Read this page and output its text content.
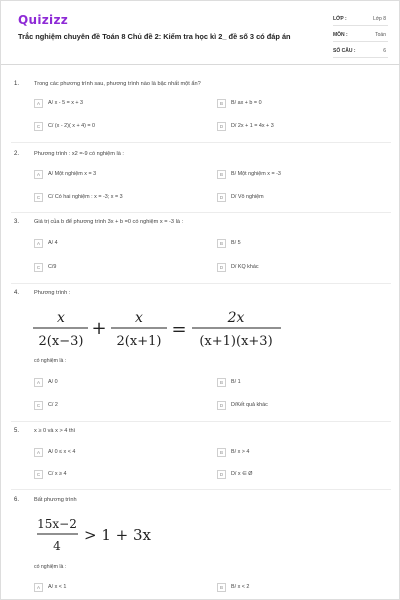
Quizizz
Trắc nghiệm chuyên đề Toán 8 Chủ đề 2: Kiểm tra học kì 2_ đề số 3 có đáp án
LỚP :	Lớp 8
MÔN :	Toán
SỐ CÂU :	6
1.	Trong các phương trình sau, phương trình nào là bậc nhất một ẩn?
A	A/ x - 5 = x + 3	B	B/ ax + b = 0
C	C/ (x - 2)( x + 4) = 0	D	D/ 2x + 1 = 4x + 3
2.	Phương trình : x2 =-9 có nghiệm là :
A	A/ Một nghiệm x = 3	B	B/ Một nghiệm x = -3
C	C/ Có hai nghiệm : x = -3; x = 3	D	D/ Vô nghiệm
3.	Giá trị của b để phương trình 3x + b =0 có nghiệm x = -3 là :
A	A/ 4	B	B/ 5
C	C/9	D	D/ KQ khác
4.	Phương trình :
x
2(x−3)
+ x
2(x+1)
=
2x
(x+1)(x+3)
có nghiệm là :
A	A/ 0	B	B/ 1
C	C/ 2	D	D/Kết quả khác
5.	x ≥ 0 và x > 4 thì
A	A/ 0 ≤ x < 4	B	B/ x > 4
C	C/ x ≥ 4	D	D/ x ∈ Ø
6.	Bất phương trình
15x−2
4
> 1 + 3x
có nghiệm là :
A	A/ x < 1	B	B/ x < 2
